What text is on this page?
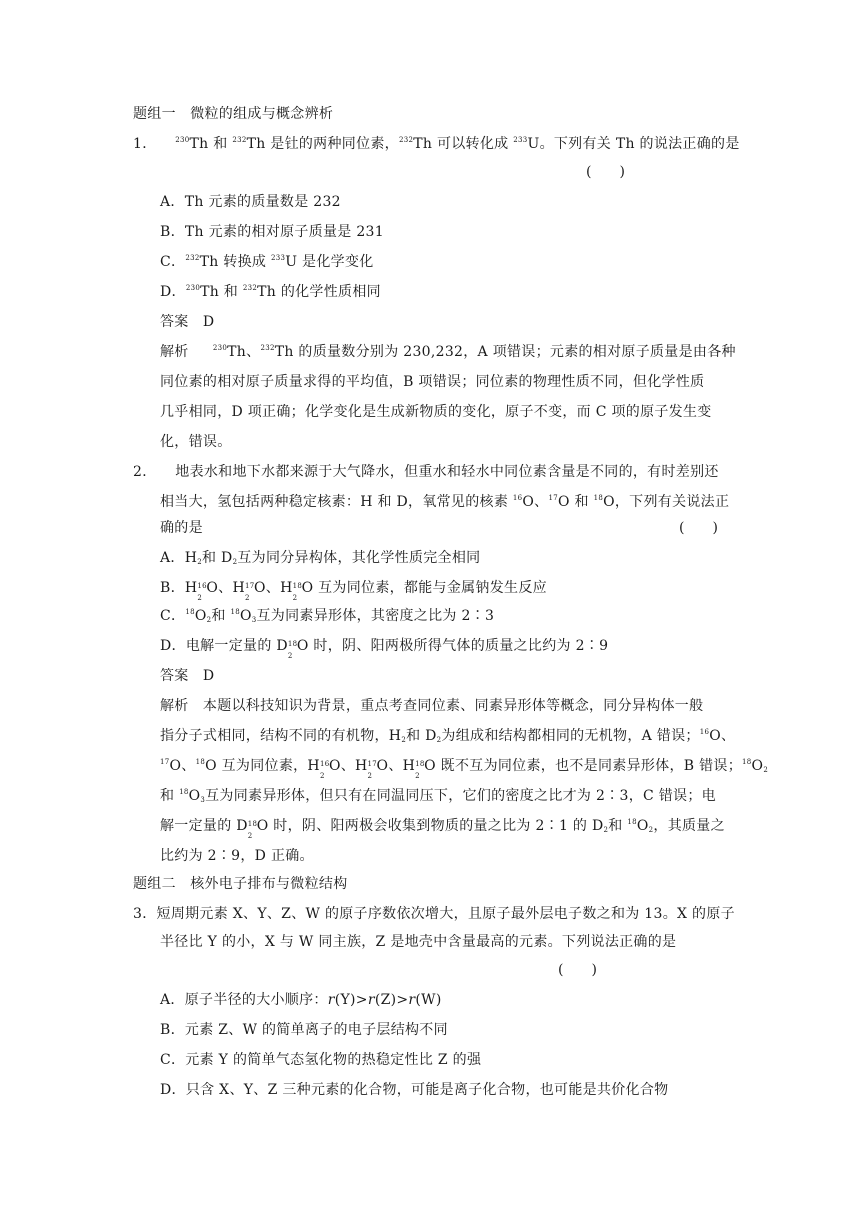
题组一　微粒的组成与概念辨析
1．	$^{230}$Th 和 $^{232}$Th 是钍的两种同位素，$^{232}$Th 可以转化成 $^{233}$U。下列有关 Th 的说法正确的是
(　　)
A．Th 元素的质量数是 232
B．Th 元素的相对原子质量是 231
C．$^{232}$Th 转换成 $^{233}$U 是化学变化
D．$^{230}$Th 和 $^{232}$Th 的化学性质相同
答案　D
解析　$^{230}$Th、$^{232}$Th 的质量数分别为 230,232，A 项错误；元素的相对原子质量是由各种
同位素的相对原子质量求得的平均值，B 项错误；同位素的物理性质不同，但化学性质
几乎相同，D 项正确；化学变化是生成新物质的变化，原子不变，而 C 项的原子发生变
化，错误。
2． 地表水和地下水都来源于大气降水，但重水和轻水中同位素含量是不同的，有时差别还
相当大，氢包括两种稳定核素：H 和 D，氧常见的核素 $^{16}$O、$^{17}$O 和 $^{18}$O，下列有关说法正
确的是	(　　)
A．$H_2$和 $D_2$互为同分异构体，其化学性质完全相同
B．H 16
2
O、H 17
2
O、H 18
2
O 互为同位素，都能与金属钠发生反应
C．$^{18}O_2$和 $^{18}O_3$互为同素异形体，其密度之比为 2∶3
D．电解一定量的 D 18
2
O 时，阴、阳两极所得气体的质量之比约为 2∶9
答案　D
解析　本题以科技知识为背景，重点考查同位素、同素异形体等概念，同分异构体一般
指分子式相同，结构不同的有机物，$H_2$和 $D_2$为组成和结构都相同的无机物，A 错误；$^{16}$O、
$^{17}$O、$^{18}$O 互为同位素，H 16
2
O、H 17
2
O、H 18
2
O 既不互为同位素，也不是同素异形体，B 错误；$^{18}O_2$
和 $^{18}O_3$互为同素异形体，但只有在同温同压下，它们的密度之比才为 2∶3，C 错误；电
解一定量的 D 18
2
O 时，阴、阳两极会收集到物质的量之比为 2∶1 的 $D_2$和 $^{18}O_2$，其质量之
比约为 2∶9，D 正确。
题组二　核外电子排布与微粒结构
3．短周期元素 X、Y、Z、W 的原子序数依次增大，且原子最外层电子数之和为 13。X 的原子
半径比 Y 的小，X 与 W 同主族，Z 是地壳中含量最高的元素。下列说法正确的是
(　　)
A．原子半径的大小顺序：r(Y)>r(Z)>r(W)
B．元素 Z、W 的简单离子的电子层结构不同
C．元素 Y 的简单气态氢化物的热稳定性比 Z 的强
D．只含 X、Y、Z 三种元素的化合物，可能是离子化合物，也可能是共价化合物
